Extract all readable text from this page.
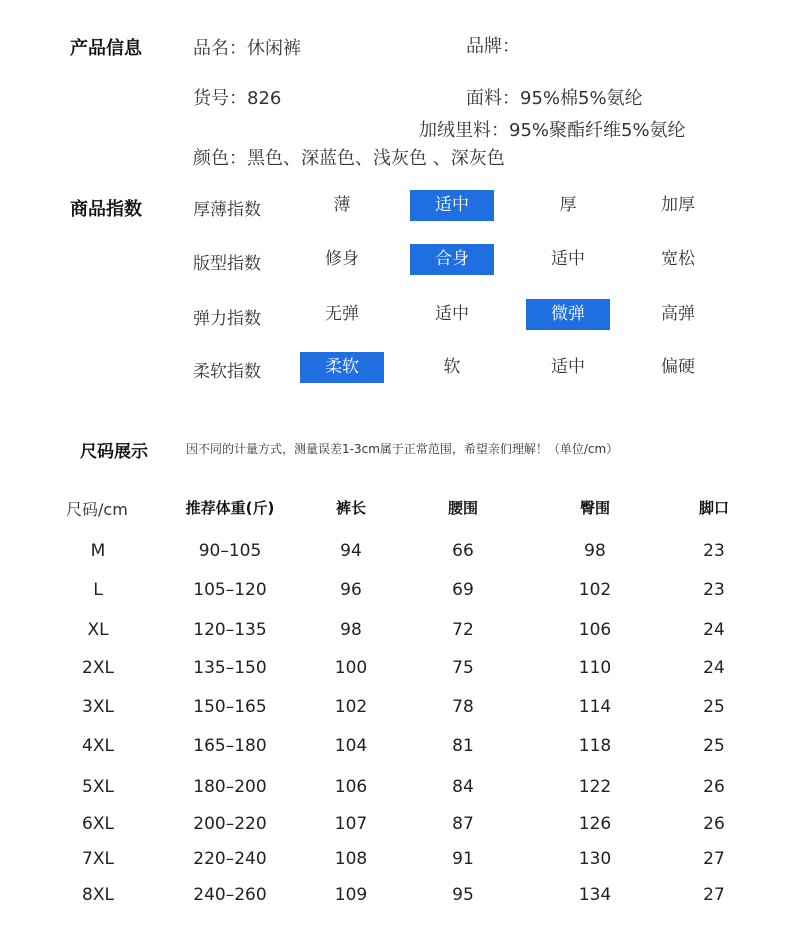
产品信息	品名：休闲裤	品牌：
货号：826	面料：95%棉5%氨纶
加绒里料：95%聚酯纤维5%氨纶
颜色：黑色、深蓝色、浅灰色 、深灰色
商品指数	厚薄指数	薄	适中	厚	加厚
版型指数	修身	合身	适中	宽松
弹力指数	无弹	适中	微弹	高弹
柔软指数	柔软	软	适中	偏硬
尺码展示	因不同的计量方式，测量误差1-3cm属于正常范围，希望亲们理解！（单位/cm）
尺码/cm	推荐体重(斤)	裤长	腰围	臀围	脚口
M	90–105	94	66	98	23
L	105–120	96	69	102	23
XL	120–135	98	72	106	24
2XL	135–150	100	75	110	24
3XL	150–165	102	78	114	25
4XL	165–180	104	81	118	25
5XL	180–200	106	84	122	26
6XL	200–220	107	87	126	26
7XL	220–240	108	91	130	27
8XL	240–260	109	95	134	27
